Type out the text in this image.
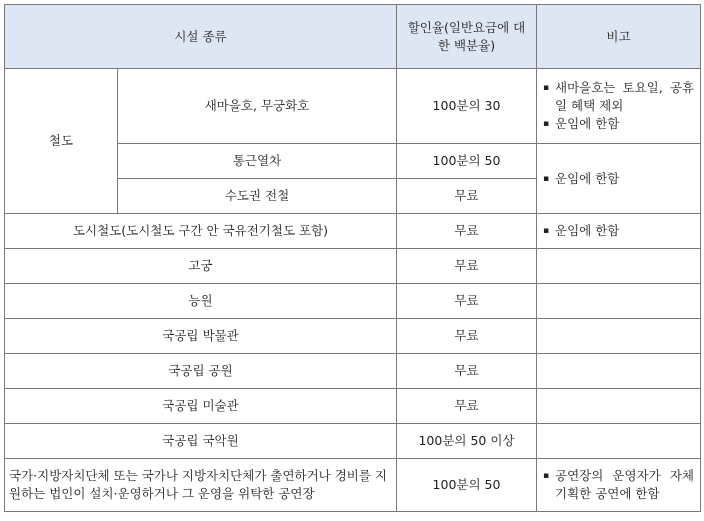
시설 종류		할인율(일반요금에 대한 백분율)	비고
철도	새마을호, 무궁화호	100분의 30	▪ 새마을호는 토요일, 공휴일 혜택 제외
▪ 운임에 한함

	통근열차	100분의 50	▪ 운임에 한함

	수도권 전철	무료	
도시철도(도시철도 구간 안 국유전기철도 포함)		무료	▪ 운임에 한함

고궁		무료	
능원		무료	
국공립 박물관		무료	
국공립 공원		무료	
국공립 미술관		무료	
국공립 국악원		100분의 50 이상	
국가·지방자치단체 또는 국가나 지방자치단체가 출연하거나 경비를 지원하는 법인이 설치·운영하거나 그 운영을 위탁한 공연장		100분의 50	▪ 공연장의 운영자가 자체 기획한 공연에 한함
